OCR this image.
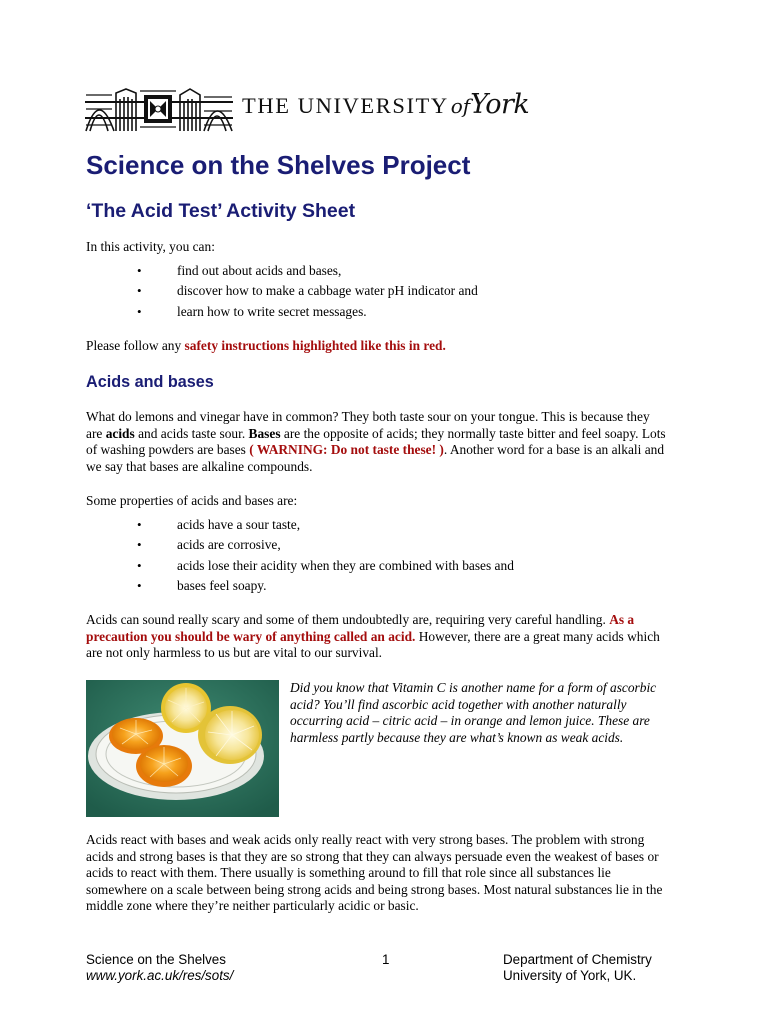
THE UNIVERSITY ofYork
Science on the Shelves Project
‘The Acid Test’ Activity Sheet

In this activity, you can:

• find out about acids and bases,
• discover how to make a cabbage water pH indicator and
• learn how to write secret messages.

Please follow any safety instructions highlighted like this in red.

Acids and bases

What do lemons and vinegar have in common? They both taste sour on your tongue. This is because they are acids and acids taste sour. Bases are the opposite of acids; they normally taste bitter and feel soapy. Lots of washing powders are bases ( WARNING: Do not taste these! ). Another word for a base is an alkali and we say that bases are alkaline compounds.

Some properties of acids and bases are:

• acids have a sour taste,
• acids are corrosive,
• acids lose their acidity when they are combined with bases and
• bases feel soapy.

Acids can sound really scary and some of them undoubtedly are, requiring very careful handling. As a precaution you should be wary of anything called an acid. However, there are a great many acids which are not only harmless to us but are vital to our survival.

Did you know that Vitamin C is another name for a form of ascorbic acid? You’ll find ascorbic acid together with another naturally occurring acid – citric acid – in orange and lemon juice. These are harmless partly because they are what’s known as weak acids.

Acids react with bases and weak acids only really react with very strong bases. The problem with strong acids and strong bases is that they are so strong that they can always persuade even the weakest of bases or acids to react with them. There usually is something around to fill that role since all substances lie somewhere on a scale between being strong acids and being strong bases. Most natural substances lie in the middle zone where they’re neither particularly acidic or basic.

Science on the Shelves
www.york.ac.uk/res/sots/
1	Department of Chemistry
University of York, UK.
